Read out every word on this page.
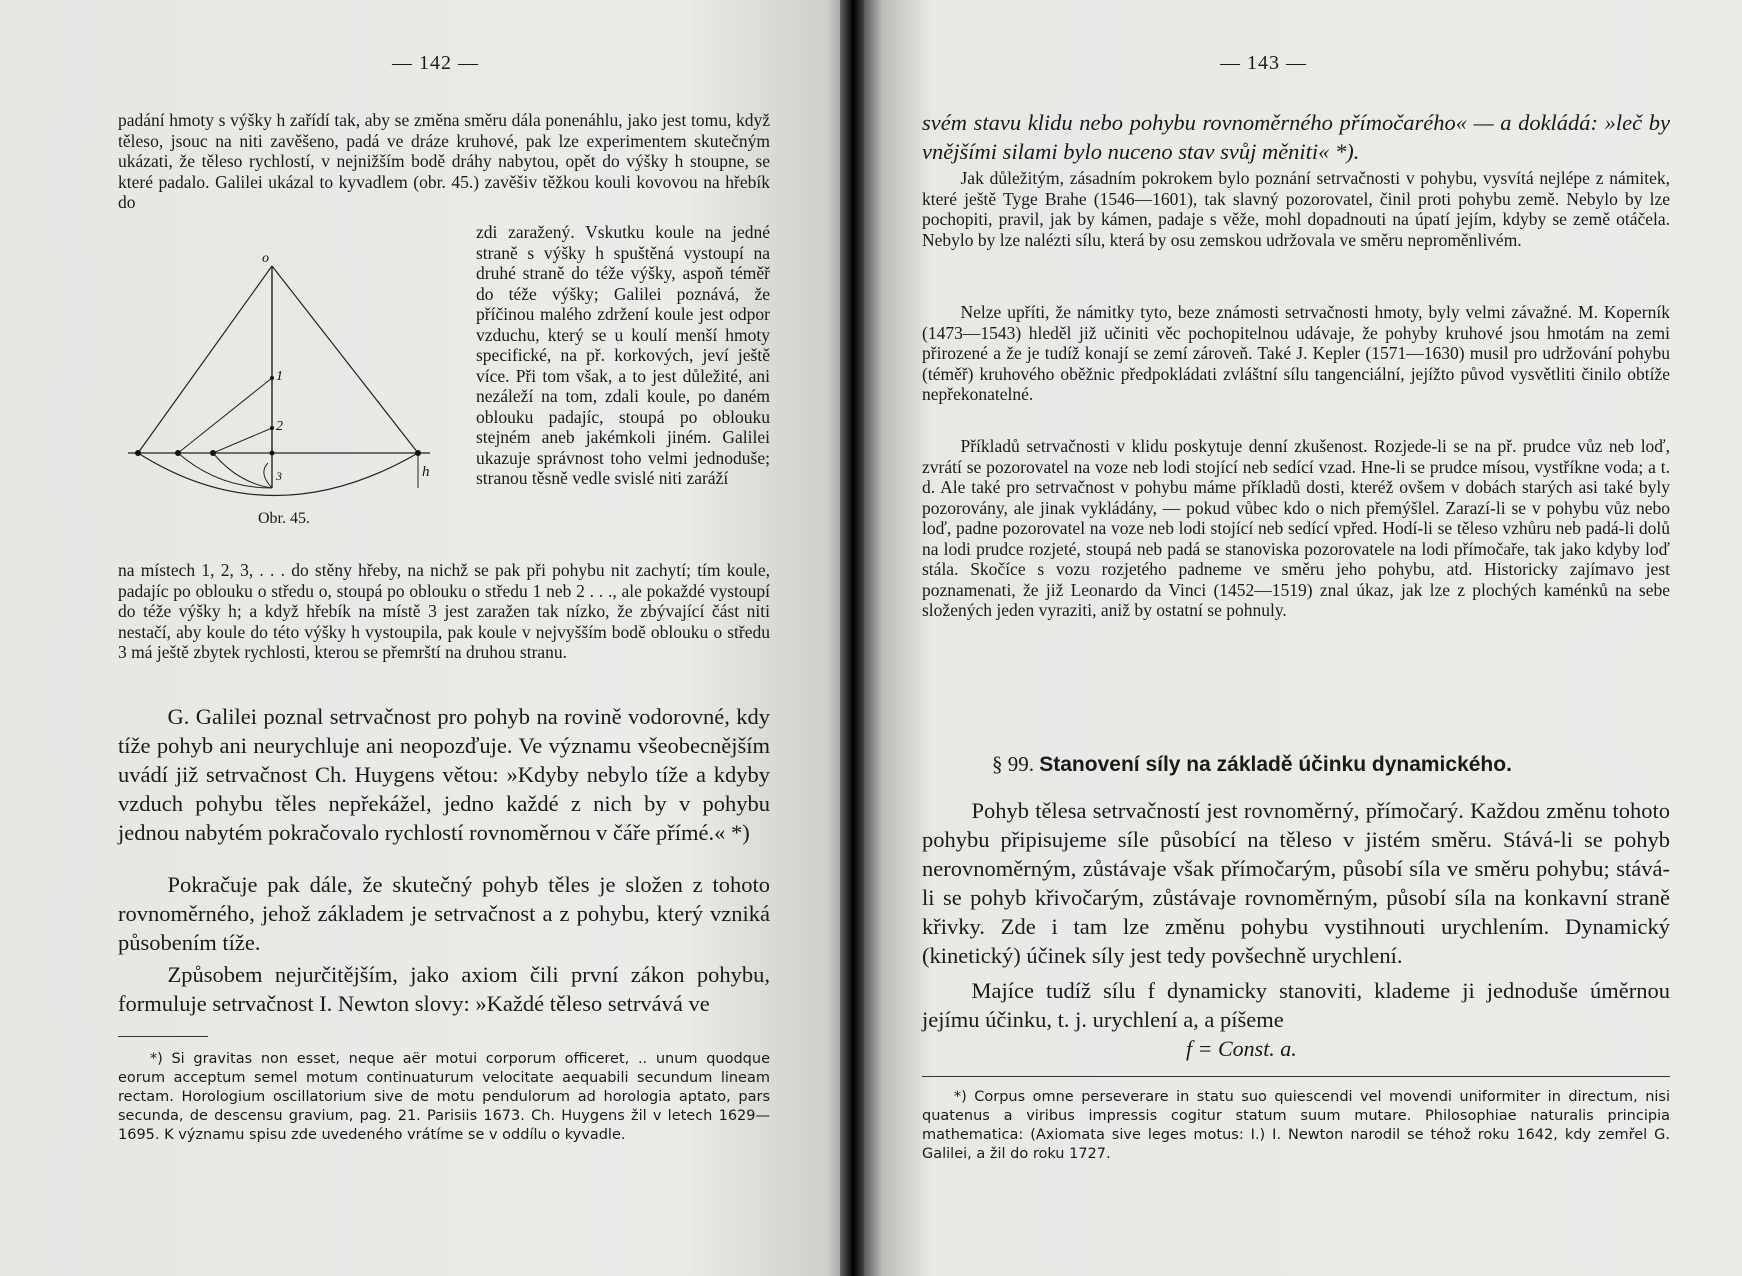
— 142 —
padání hmoty s výšky h zařídí tak, aby se změna směru dála ponenáhlu, jako jest tomu, když těleso, jsouc na niti zavěšeno, padá ve dráze kruhové, pak lze experimentem skutečným ukázati, že těleso rychlostí, v nejnižším bodě dráhy nabytou, opět do výšky h stoupne, se které padalo. Galilei ukázal to kyvadlem (obr. 45.) zavěšiv těžkou kouli kovovou na hřebík do
zdi zaražený. Vskutku koule na jedné straně s výšky h spuštěná vystoupí na druhé straně do téže výšky, aspoň téměř do téže výšky; Galilei poznává, že příčinou malého zdržení koule jest odpor vzduchu, který se u koulí menší hmoty specifické, na př. korkových, jeví ještě více. Při tom však, a to jest důležité, ani nezáleží na tom, zdali koule, po daném oblouku padajíc, stoupá po oblouku stejném aneb jakémkoli jiném. Galilei ukazuje správnost toho velmi jednoduše; stranou těsně vedle svislé niti zaráží
o
1
2
3	h
Obr. 45.
na místech 1, 2, 3, . . . do stěny hřeby, na nichž se pak při pohybu nit zachytí; tím koule, padajíc po oblouku o středu o, stoupá po oblouku o středu 1 neb 2 . . ., ale pokaždé vystoupí do téže výšky h; a když hřebík na místě 3 jest zaražen tak nízko, že zbývající část niti nestačí, aby koule do této výšky h vystoupila, pak koule v nejvyšším bodě oblouku o středu 3 má ještě zbytek rychlosti, kterou se přemrští na druhou stranu.
G. Galilei poznal setrvačnost pro pohyb na rovině vodorovné, kdy tíže pohyb ani neurychluje ani neopozďuje. Ve významu všeobecnějším uvádí již setrvačnost Ch. Huygens větou: »Kdyby nebylo tíže a kdyby vzduch pohybu těles nepřekážel, jedno každé z nich by v pohybu jednou nabytém pokračovalo rychlostí rovnoměrnou v čáře přímé.« *)
Pokračuje pak dále, že skutečný pohyb těles je složen z tohoto rovnoměrného, jehož základem je setrvačnost a z pohybu, který vzniká působením tíže.
Způsobem nejurčitějším, jako axiom čili první zákon pohybu, formuluje setrvačnost I. Newton slovy: »Každé těleso setrvává ve
*) Si gravitas non esset, neque aër motui corporum officeret, .. unum quodque eorum acceptum semel motum continuaturum velocitate aequabili secundum lineam rectam. Horologium oscillatorium sive de motu pendulorum ad horologia aptato, pars secunda, de descensu gravium, pag. 21. Parisiis 1673. Ch. Huygens žil v letech 1629—1695. K významu spisu zde uvedeného vrátíme se v oddílu o kyvadle.
— 143 —
svém stavu klidu nebo pohybu rovnoměrného přímočarého« — a dokládá: »leč by vnějšími silami bylo nuceno stav svůj měniti« *).
Jak důležitým, zásadním pokrokem bylo poznání setrvačnosti v pohybu, vysvítá nejlépe z námitek, které ještě Tyge Brahe (1546—1601), tak slavný pozorovatel, činil proti pohybu země. Nebylo by lze pochopiti, pravil, jak by kámen, padaje s věže, mohl dopadnouti na úpatí jejím, kdyby se země otáčela. Nebylo by lze nalézti sílu, která by osu zemskou udržovala ve směru neproměnlivém.
Nelze upříti, že námitky tyto, beze známosti setrvačnosti hmoty, byly velmi závažné. M. Koperník (1473—1543) hleděl již učiniti věc pochopitelnou udávaje, že pohyby kruhové jsou hmotám na zemi přirozené a že je tudíž konají se zemí zároveň. Také J. Kepler (1571—1630) musil pro udržování pohybu (téměř) kruhového oběžnic předpokládati zvláštní sílu tangenciální, jejížto původ vysvětliti činilo obtíže nepřekonatelné.
Příkladů setrvačnosti v klidu poskytuje denní zkušenost. Rozjede-li se na př. prudce vůz neb loď, zvrátí se pozorovatel na voze neb lodi stojící neb sedící vzad. Hne-li se prudce mísou, vystříkne voda; a t. d. Ale také pro setrvačnost v pohybu máme příkladů dosti, kteréž ovšem v dobách starých asi také byly pozorovány, ale jinak vykládány, — pokud vůbec kdo o nich přemýšlel. Zarazí-li se v pohybu vůz nebo loď, padne pozorovatel na voze neb lodi stojící neb sedící vpřed. Hodí-li se těleso vzhůru neb padá-li dolů na lodi prudce rozjeté, stoupá neb padá se stanoviska pozorovatele na lodi přímočaře, tak jako kdyby loď stála. Skočíce s vozu rozjetého padneme ve směru jeho pohybu, atd. Historicky zajímavo jest poznamenati, že již Leonardo da Vinci (1452—1519) znal úkaz, jak lze z plochých kaménků na sebe složených jeden vyraziti, aniž by ostatní se pohnuly.
§ 99. Stanovení síly na základě účinku dynamického.
Pohyb tělesa setrvačností jest rovnoměrný, přímočarý. Každou změnu tohoto pohybu připisujeme síle působící na těleso v jistém směru. Stává-li se pohyb nerovnoměrným, zůstávaje však přímočarým, působí síla ve směru pohybu; stává-li se pohyb křivočarým, zůstávaje rovnoměrným, působí síla na konkavní straně křivky. Zde i tam lze změnu pohybu vystihnouti urychlením. Dynamický (kinetický) účinek síly jest tedy povšechně urychlení.
Majíce tudíž sílu f dynamicky stanoviti, klademe ji jednoduše úměrnou jejímu účinku, t. j. urychlení a, a píšeme
f = Const. a.
*) Corpus omne perseverare in statu suo quiescendi vel movendi uniformiter in directum, nisi quatenus a viribus impressis cogitur statum suum mutare. Philosophiae naturalis principia mathematica: (Axiomata sive leges motus: I.) I. Newton narodil se téhož roku 1642, kdy zemřel G. Galilei, a žil do roku 1727.
